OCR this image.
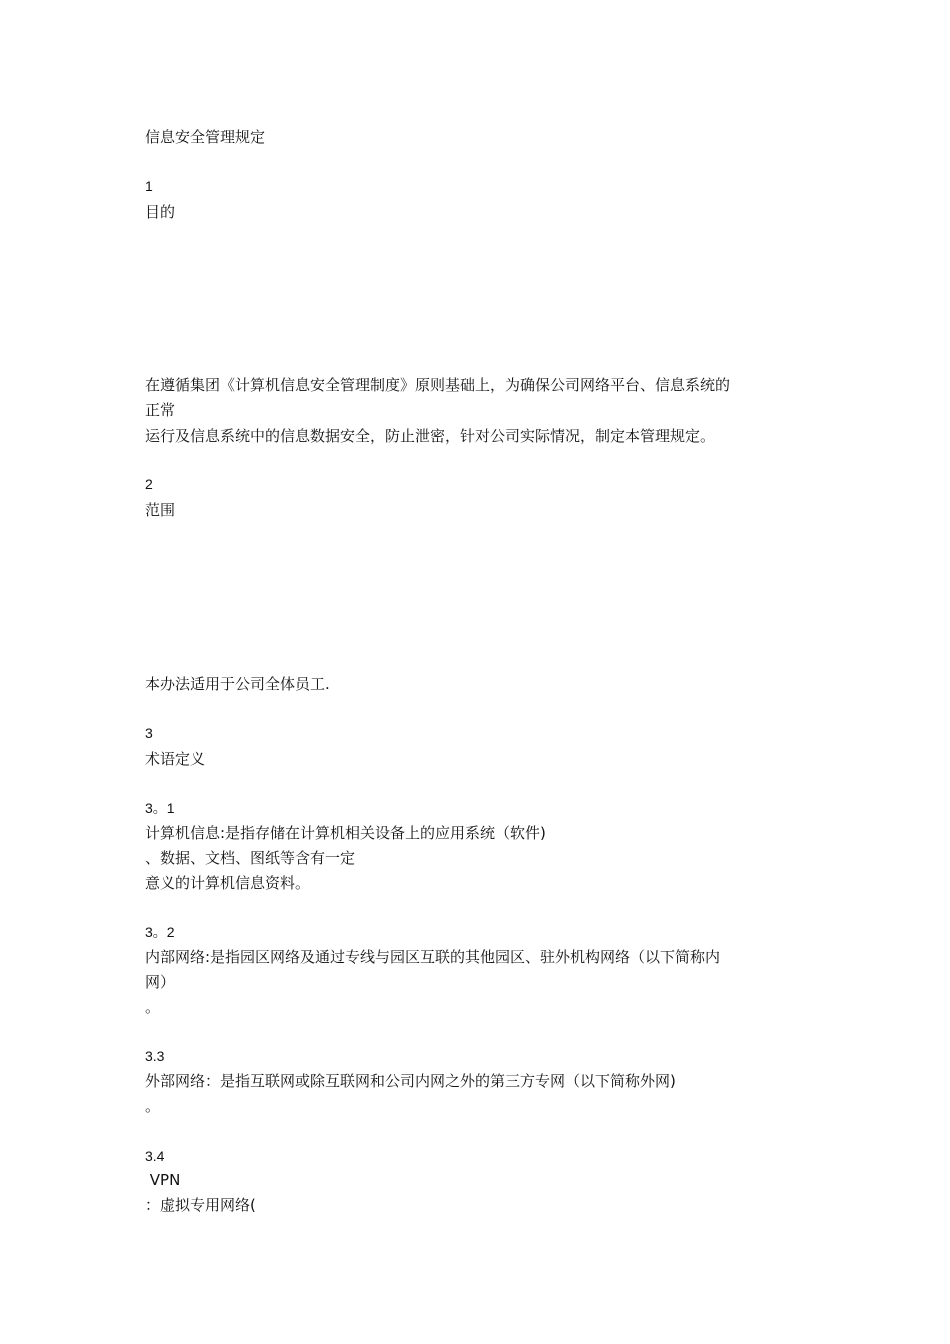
信息安全管理规定
1
目的
在遵循集团《计算机信息安全管理制度》原则基础上，为确保公司网络平台、信息系统的
正常
运行及信息系统中的信息数据安全，防止泄密，针对公司实际情况，制定本管理规定。
2
范围
本办法适用于公司全体员工.
3
术语定义
3。1
计算机信息:是指存储在计算机相关设备上的应用系统（软件)
、数据、文档、图纸等含有一定
意义的计算机信息资料。
3。2
内部网络:是指园区网络及通过专线与园区互联的其他园区、驻外机构网络（以下简称内
网）
。
3.3
外部网络：是指互联网或除互联网和公司内网之外的第三方专网（以下简称外网)
。
3.4
VPN
：虚拟专用网络(
